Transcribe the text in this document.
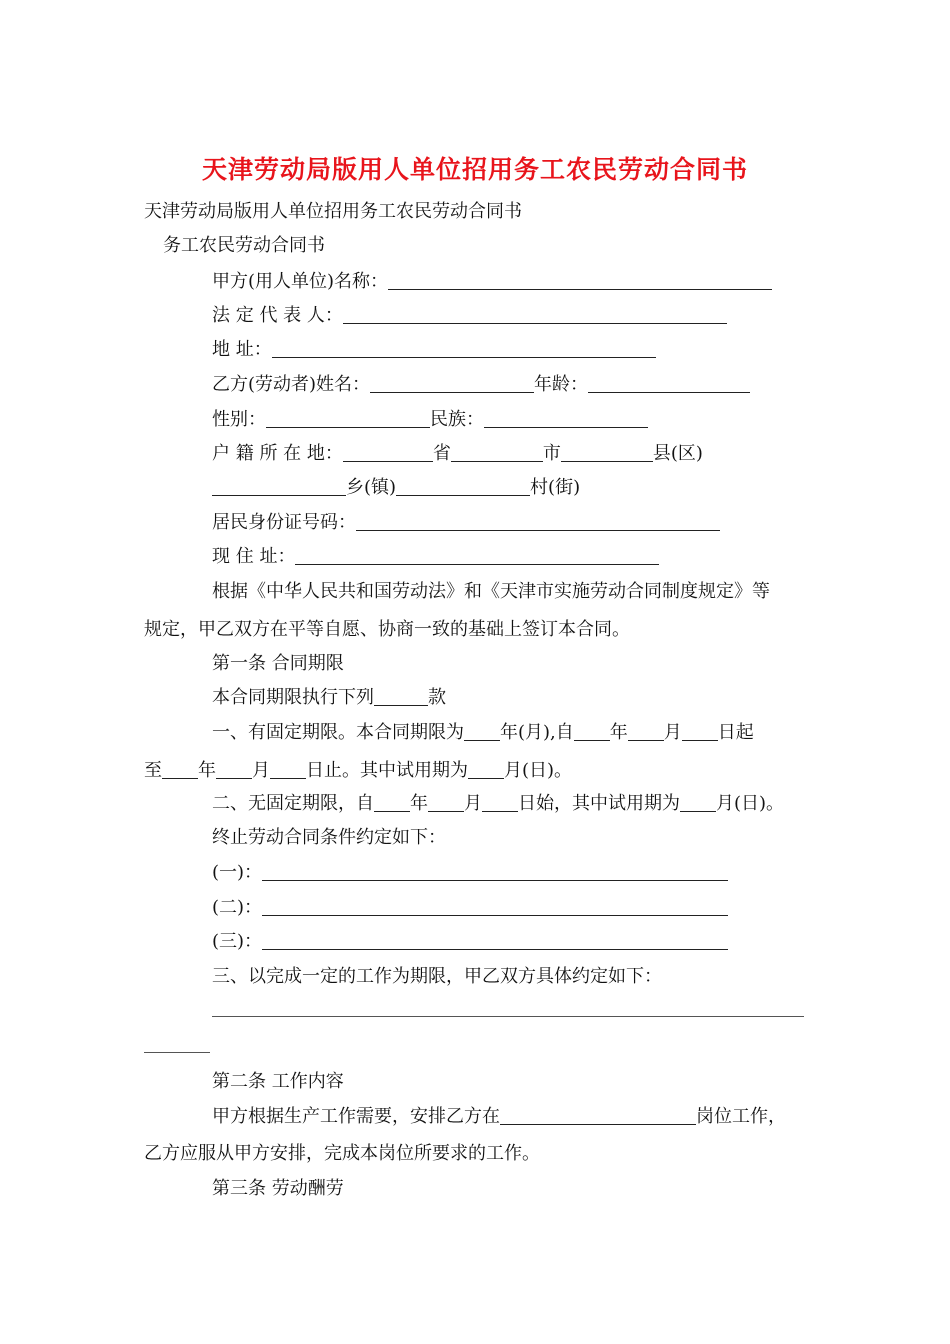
天津劳动局版用人单位招用务工农民劳动合同书
天津劳动局版用人单位招用务工农民劳动合同书
务工农民劳动合同书
甲方(用人单位)名称：
法 定 代 表 人：
地 址：
乙方(劳动者)姓名：	年龄：
性别：	民族：
户 籍 所 在 地：	省	市	县(区)
乡(镇)	村(街)
居民身份证号码：
现 住 址：
根据《中华人民共和国劳动法》和《天津市实施劳动合同制度规定》等
规定，甲乙双方在平等自愿、协商一致的基础上签订本合同。
第一条 合同期限
本合同期限执行下列	款
一、有固定期限。本合同期限为 年(月),自 年 月 日起
至 年 月 日止。其中试用期为 月(日)。
二、无固定期限，自 年 月 日始，其中试用期为 月(日)。
终止劳动合同条件约定如下：
(一)：
(二)：
(三)：
三、以完成一定的工作为期限，甲乙双方具体约定如下：
第二条 工作内容
甲方根据生产工作需要，安排乙方在	岗位工作，
乙方应服从甲方安排，完成本岗位所要求的工作。
第三条 劳动酬劳
